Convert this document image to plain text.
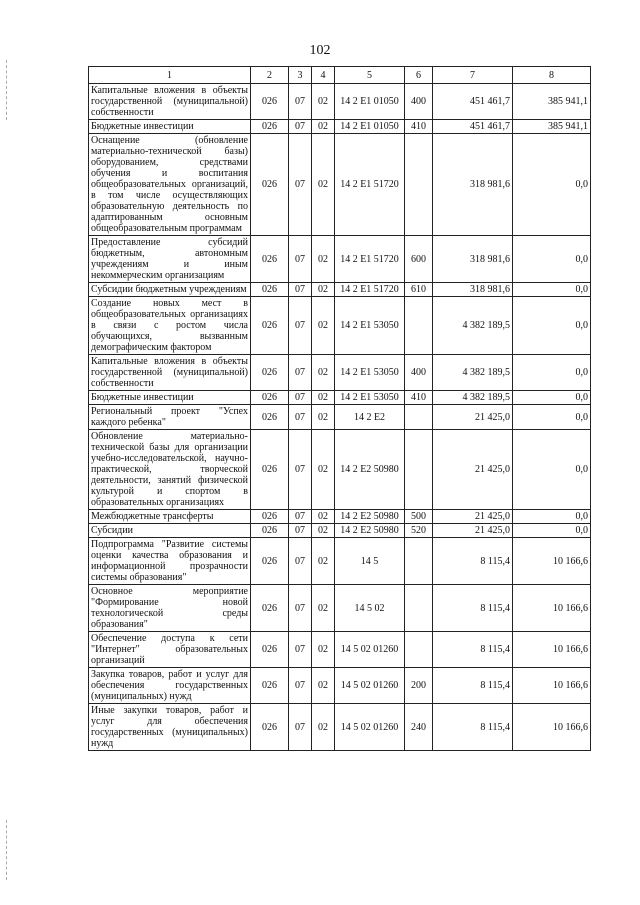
102
1	2	3	4	5	6	7	8
Капитальные вложения в объекты государственной (муниципальной) собственности	026	07	02	14 2 E1 01050	400	451 461,7	385 941,1
Бюджетные инвестиции	026	07	02	14 2 E1 01050	410	451 461,7	385 941,1
Оснащение (обновление материально-технической базы) оборудованием, средствами обучения и воспитания общеобразовательных организаций, в том числе осуществляющих образовательную деятельность по адаптированным основным общеобразовательным программам	026	07	02	14 2 E1 51720		318 981,6	0,0
Предоставление субсидий бюджетным, автономным учреждениям и иным некоммерческим организациям	026	07	02	14 2 E1 51720	600	318 981,6	0,0
Субсидии бюджетным учреждениям	026	07	02	14 2 E1 51720	610	318 981,6	0,0
Создание новых мест в общеобразовательных организациях в связи с ростом числа обучающихся, вызванным демографическим фактором	026	07	02	14 2 E1 53050		4 382 189,5	0,0
Капитальные вложения в объекты государственной (муниципальной) собственности	026	07	02	14 2 E1 53050	400	4 382 189,5	0,0
Бюджетные инвестиции	026	07	02	14 2 E1 53050	410	4 382 189,5	0,0
Региональный проект "Успех каждого ребенка"	026	07	02	14 2 E2		21 425,0	0,0
Обновление материально-технической базы для организации учебно-исследовательской, научно-практической, творческой деятельности, занятий физической культурой и спортом в образовательных организациях	026	07	02	14 2 E2 50980		21 425,0	0,0
Межбюджетные трансферты	026	07	02	14 2 E2 50980	500	21 425,0	0,0
Субсидии	026	07	02	14 2 E2 50980	520	21 425,0	0,0
Подпрограмма "Развитие системы оценки качества образования и информационной прозрачности системы образования"	026	07	02	14 5		8 115,4	10 166,6
Основное мероприятие "Формирование новой технологической среды образования"	026	07	02	14 5 02		8 115,4	10 166,6
Обеспечение доступа к сети "Интернет" образовательных организаций	026	07	02	14 5 02 01260		8 115,4	10 166,6
Закупка товаров, работ и услуг для обеспечения государственных (муниципальных) нужд	026	07	02	14 5 02 01260	200	8 115,4	10 166,6
Иные закупки товаров, работ и услуг для обеспечения государственных (муниципальных) нужд	026	07	02	14 5 02 01260	240	8 115,4	10 166,6
